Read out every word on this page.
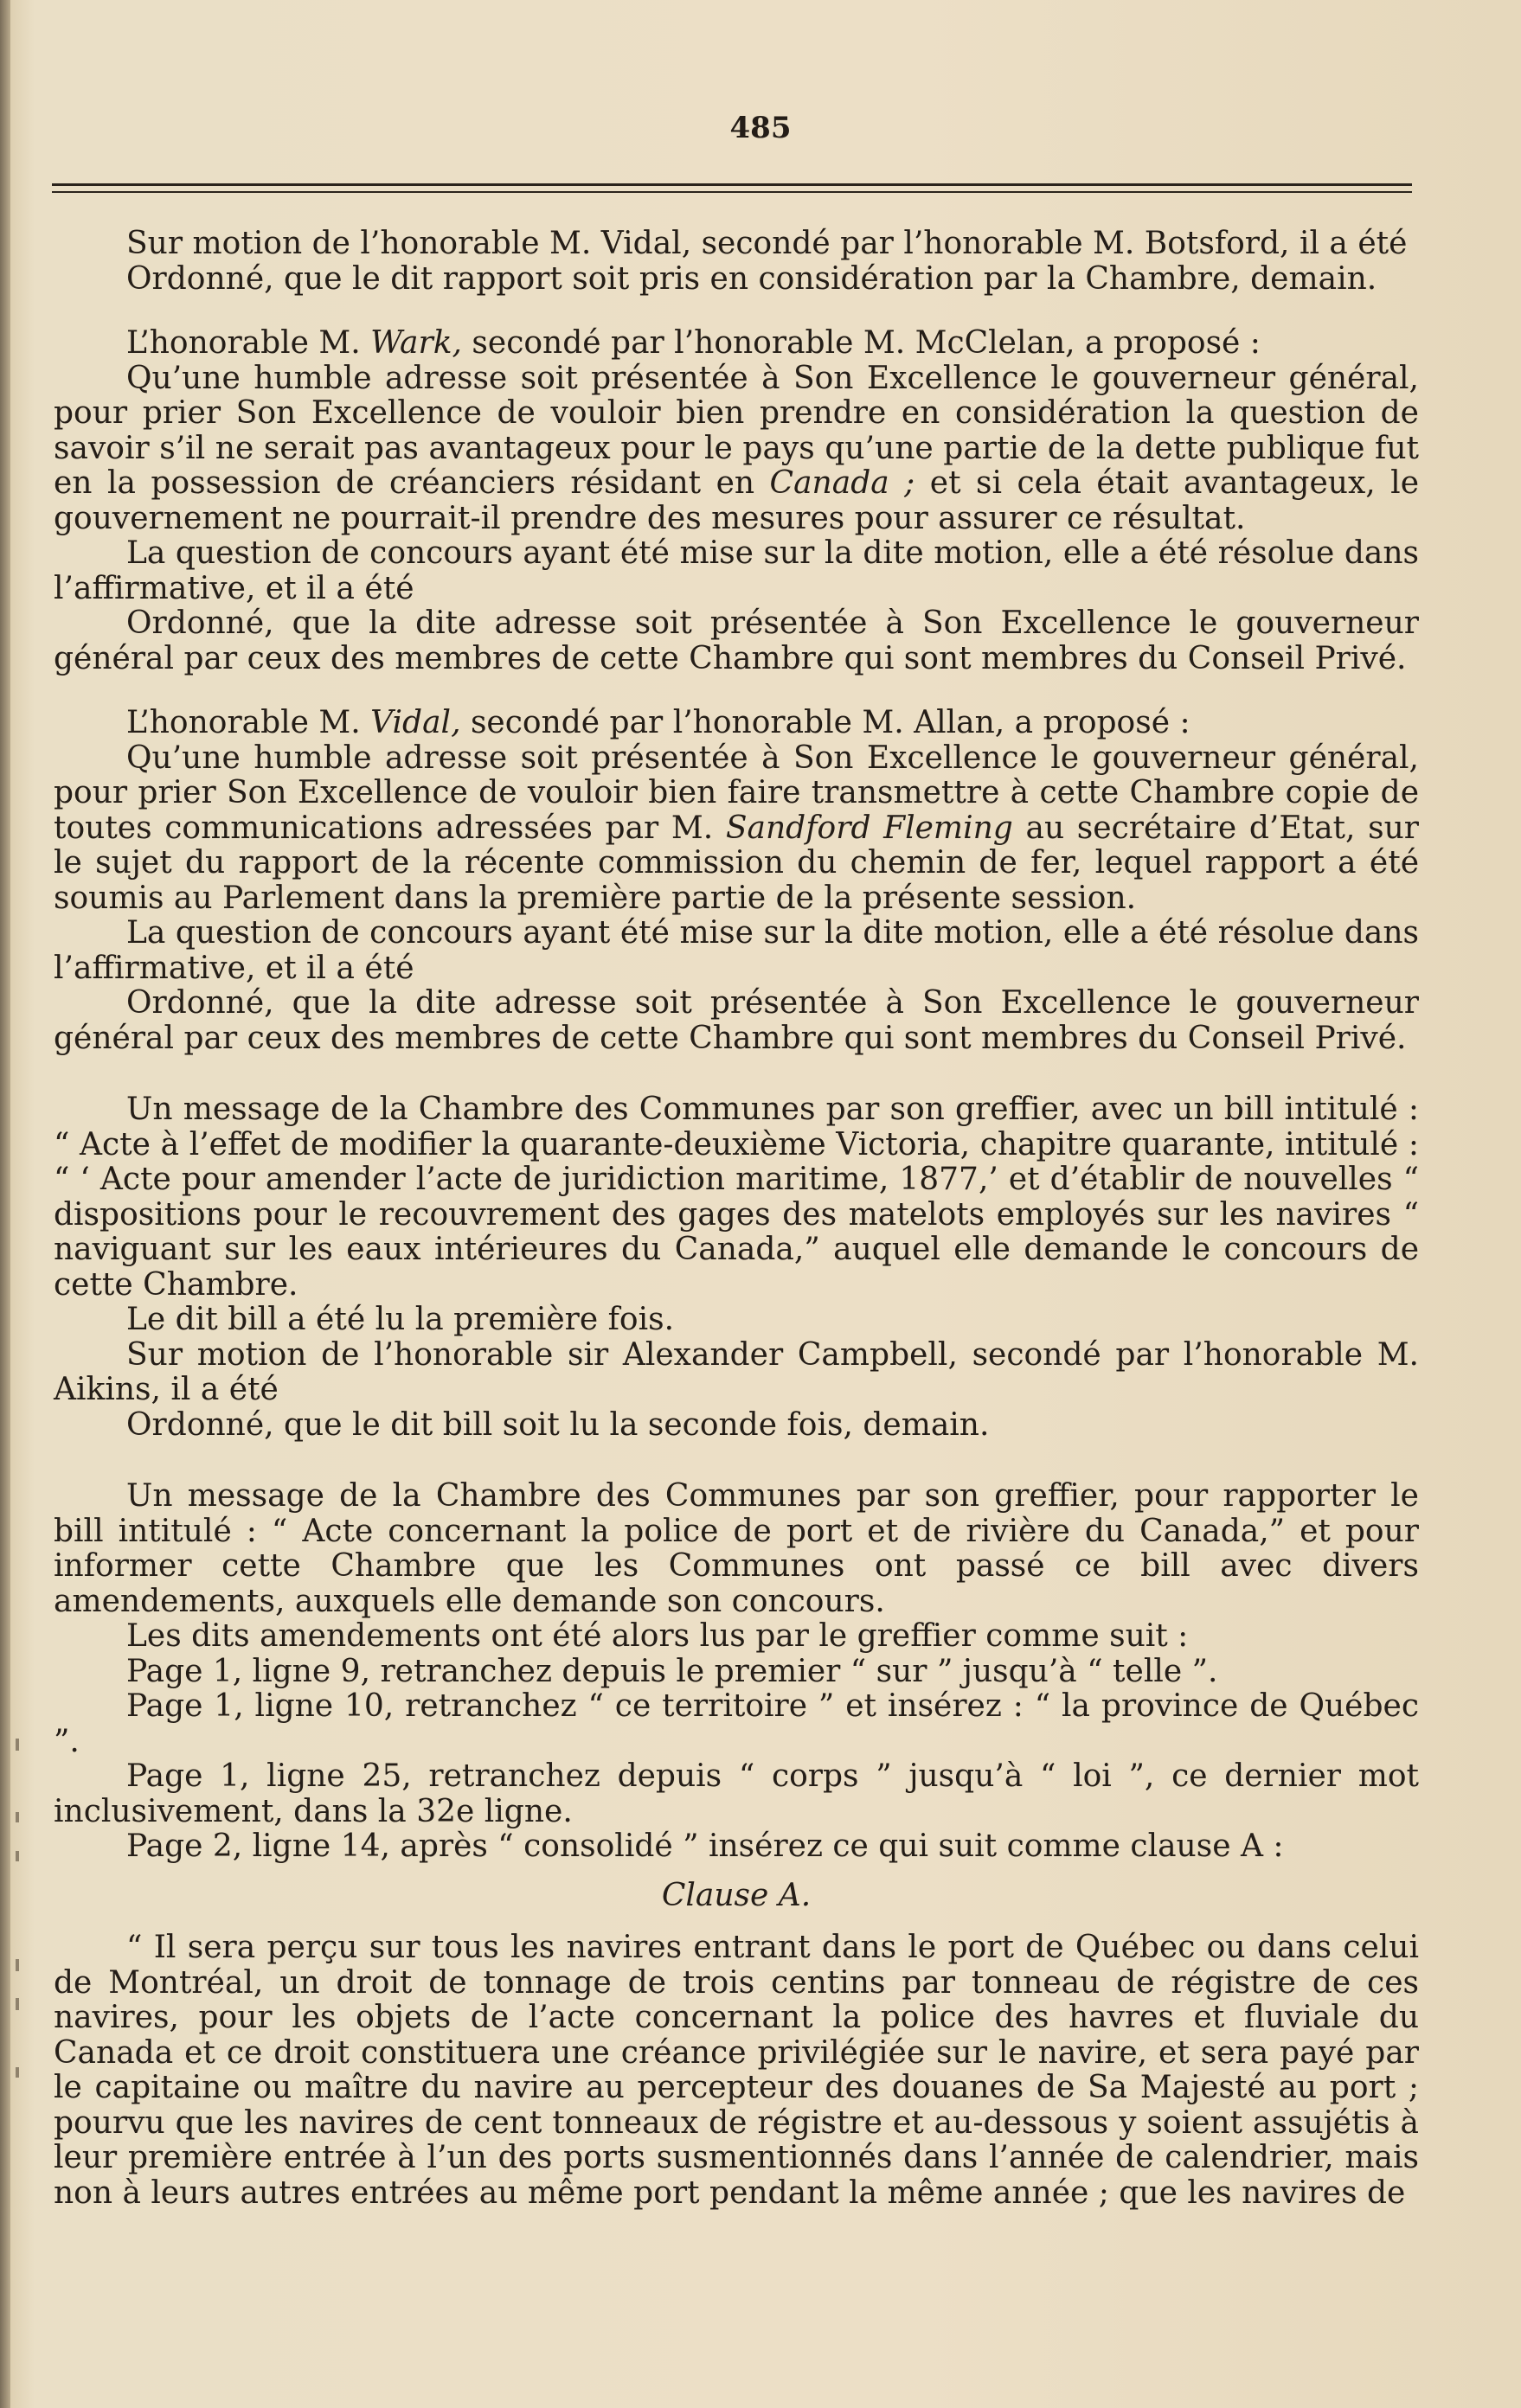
485

Sur motion de l’honorable M. Vidal, secondé par l’honorable M. Botsford, il a été

Ordonné, que le dit rapport soit pris en considération par la Chambre, demain.

L’honorable M. Wark, secondé par l’honorable M. McClelan, a proposé :

Qu’une humble adresse soit présentée à Son Excellence le gouverneur général, pour prier Son Excellence de vouloir bien prendre en considération la question de savoir s’il ne serait pas avantageux pour le pays qu’une partie de la dette publique fut en la possession de créanciers résidant en Canada ; et si cela était avantageux, le gouvernement ne pourrait-il prendre des mesures pour assurer ce résultat.

La question de concours ayant été mise sur la dite motion, elle a été résolue dans l’affirmative, et il a été

Ordonné, que la dite adresse soit présentée à Son Excellence le gouverneur général par ceux des membres de cette Chambre qui sont membres du Conseil Privé.

L’honorable M. Vidal, secondé par l’honorable M. Allan, a proposé :

Qu’une humble adresse soit présentée à Son Excellence le gouverneur général, pour prier Son Excellence de vouloir bien faire transmettre à cette Chambre copie de toutes communications adressées par M. Sandford Fleming au secrétaire d’Etat, sur le sujet du rapport de la récente commission du chemin de fer, lequel rapport a été soumis au Parlement dans la première partie de la présente session.

La question de concours ayant été mise sur la dite motion, elle a été résolue dans l’affirmative, et il a été

Ordonné, que la dite adresse soit présentée à Son Excellence le gouverneur général par ceux des membres de cette Chambre qui sont membres du Conseil Privé.

Un message de la Chambre des Communes par son greffier, avec un bill intitulé : “ Acte à l’effet de modifier la quarante-deuxième Victoria, chapitre quarante, intitulé : “ ‘ Acte pour amender l’acte de juridiction maritime, 1877,’ et d’établir de nouvelles “ dispositions pour le recouvrement des gages des matelots employés sur les navires “ naviguant sur les eaux intérieures du Canada,” auquel elle demande le concours de cette Chambre.

Le dit bill a été lu la première fois.

Sur motion de l’honorable sir Alexander Campbell, secondé par l’honorable M. Aikins, il a été

Ordonné, que le dit bill soit lu la seconde fois, demain.

Un message de la Chambre des Communes par son greffier, pour rapporter le bill intitulé : “ Acte concernant la police de port et de rivière du Canada,” et pour informer cette Chambre que les Communes ont passé ce bill avec divers amendements, auxquels elle demande son concours.

Les dits amendements ont été alors lus par le greffier comme suit :

Page 1, ligne 9, retranchez depuis le premier “ sur ” jusqu’à “ telle ”.

Page 1, ligne 10, retranchez “ ce territoire ” et insérez : “ la province de Québec ”.

Page 1, ligne 25, retranchez depuis “ corps ” jusqu’à “ loi ”, ce dernier mot inclusivement, dans la 32e ligne.

Page 2, ligne 14, après “ consolidé ” insérez ce qui suit comme clause A :

Clause A.

“ Il sera perçu sur tous les navires entrant dans le port de Québec ou dans celui de Montréal, un droit de tonnage de trois centins par tonneau de régistre de ces navires, pour les objets de l’acte concernant la police des havres et fluviale du Canada et ce droit constituera une créance privilégiée sur le navire, et sera payé par le capitaine ou maître du navire au percepteur des douanes de Sa Majesté au port ; pourvu que les navires de cent tonneaux de régistre et au-dessous y soient assujétis à leur première entrée à l’un des ports susmentionnés dans l’année de calendrier, mais non à leurs autres entrées au même port pendant la même année ; que les navires de
